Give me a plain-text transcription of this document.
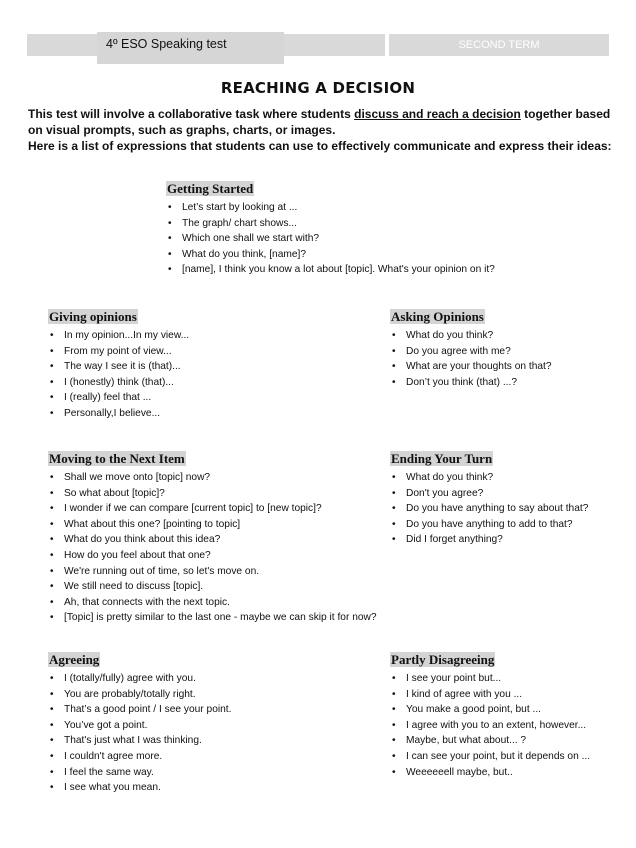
4º ESO Speaking test	SECOND TERM
REACHING A DECISION
This test will involve a collaborative task where students discuss and reach a decision together based on visual prompts, such as graphs, charts, or images.
Here is a list of expressions that students can use to effectively communicate and express their ideas:
Getting Started
• Let’s start by looking at ...
• The graph/ chart shows...
• Which one shall we start with?
• What do you think, [name]?
• [name], I think you know a lot about [topic]. What's your opinion on it?
Giving opinions
• In my opinion...In my view...
• From my point of view...
• The way I see it is (that)...
• I (honestly) think (that)...
• I (really) feel that ...
• Personally,I believe...
Asking Opinions
• What do you think?
• Do you agree with me?
• What are your thoughts on that?
• Don’t you think (that) ...?
Moving to the Next Item
• Shall we move onto [topic] now?
• So what about [topic]?
• I wonder if we can compare [current topic] to [new topic]?
• What about this one? [pointing to topic]
• What do you think about this idea?
• How do you feel about that one?
• We're running out of time, so let's move on.
• We still need to discuss [topic].
• Ah, that connects with the next topic.
• [Topic] is pretty similar to the last one - maybe we can skip it for now?
Ending Your Turn
• What do you think?
• Don't you agree?
• Do you have anything to say about that?
• Do you have anything to add to that?
• Did I forget anything?
Agreeing
• I (totally/fully) agree with you.
• You are probably/totally right.
• That’s a good point / I see your point.
• You’ve got a point.
• That's just what I was thinking.
• I couldn't agree more.
• I feel the same way.
• I see what you mean.
Partly Disagreeing
• I see your point but...
• I kind of agree with you ...
• You make a good point, but ...
• I agree with you to an extent, however...
• Maybe, but what about... ?
• I can see your point, but it depends on ...
• Weeeeeell maybe, but..
